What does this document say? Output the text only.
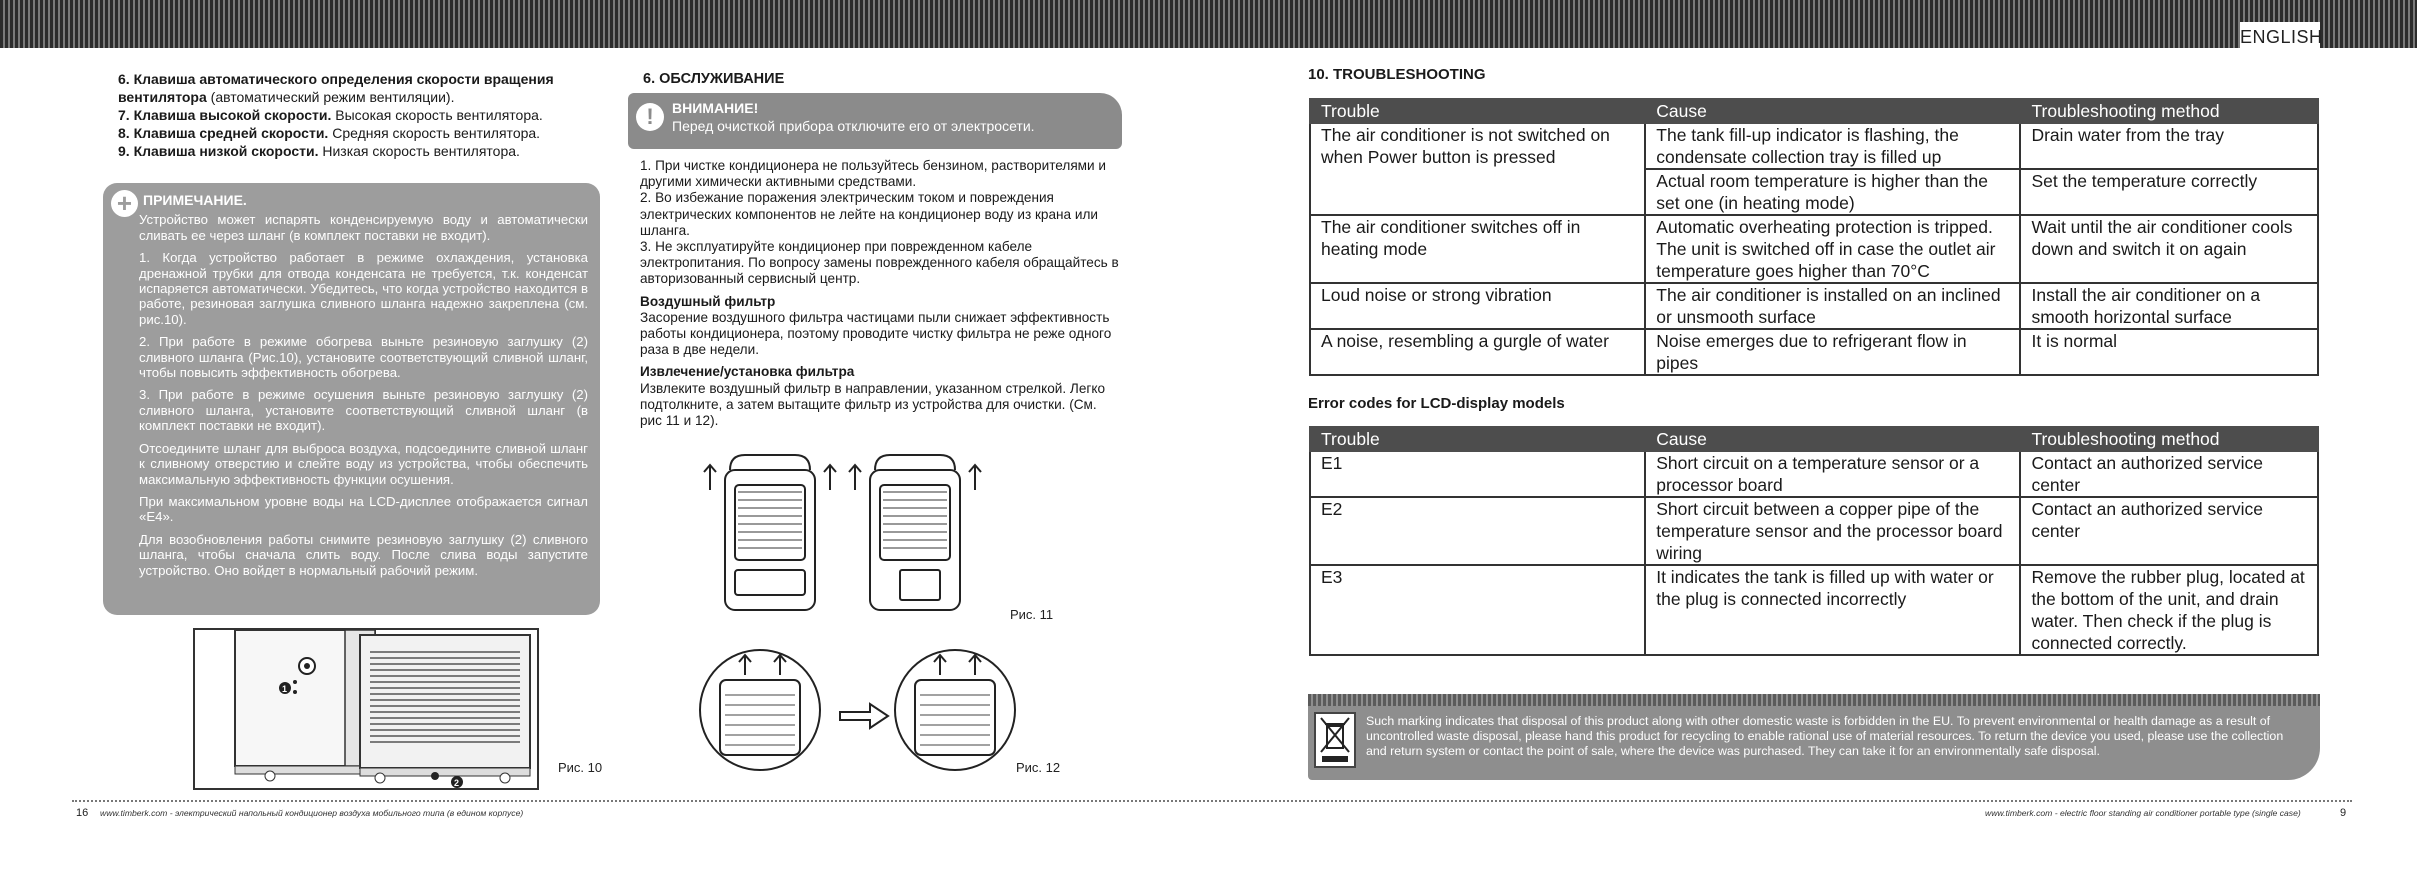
ENGLISH

6. Клавиша автоматического определения скорости вращения вентилятора (автоматический режим вентиляции).

7. Клавиша высокой скорости. Высокая скорость вентилятора.

8. Клавиша средней скорости. Средняя скорость вентилятора.

9. Клавиша низкой скорости. Низкая скорость вентилятора.

+ ПРИМЕЧАНИЕ.

Устройство может испарять конденсируемую воду и автоматически сливать ее через шланг (в комплект поставки не входит).

1. Когда устройство работает в режиме охлаждения, установка дренажной трубки для отвода конденсата не требуется, т.к. конденсат испаряется автоматически. Убедитесь, что когда устройство находится в работе, резиновая заглушка сливного шланга надежно закреплена (см. рис.10).

2. При работе в режиме обогрева выньте резиновую заглушку (2) сливного шланга (Рис.10), установите соответствующий сливной шланг, чтобы повысить эффективность обогрева.

3. При работе в режиме осушения выньте резиновую заглушку (2) сливного шланга, установите соответствующий сливной шланг (в комплект поставки не входит).

Отсоедините шланг для выброса воздуха, подсоедините сливной шланг к сливному отверстию и слейте воду из устройства, чтобы обеспечить максимальную эффективность функции осушения.

При максимальном уровне воды на LCD-дисплее отображается сигнал «E4».

Для возобновления работы снимите резиновую заглушку (2) сливного шланга, чтобы сначала слить воду. После слива воды запустите устройство. Оно войдет в нормальный рабочий режим.

1
2
Рис. 10
6. ОБСЛУЖИВАНИЕ
!	ВНИМАНИЕ!
Перед очисткой прибора отключите его от электросети.

1. При чистке кондиционера не пользуйтесь бензином, растворителями и другими химически активными средствами.

2. Во избежание поражения электрическим током и повреждения электрических компонентов не лейте на кондиционер воду из крана или шланга.

3. Не эксплуатируйте кондиционер при поврежденном кабеле электропитания. По вопросу замены поврежденного кабеля обращайтесь в авторизованный сервисный центр.

Воздушный фильтр

Засорение воздушного фильтра частицами пыли снижает эффективность работы кондиционера, поэтому проводите чистку фильтра не реже одного раза в две недели.

Извлечение/установка фильтра

Извлеките воздушный фильтр в направлении, указанном стрелкой. Легко подтолкните, а затем вытащите фильтр из устройства для очистки. (См. рис 11 и 12).

Рис. 11
Рис. 12
16 www.timberk.com - электрический напольный кондиционер воздуха мобильного типа (в едином корпусе)	www.timberk.com - electric floor standing air conditioner portable type (single case)	9
10. TROUBLESHOOTING
Trouble	Cause	Troubleshooting method
The air conditioner is not switched on when Power button is pressed	The tank fill-up indicator is flashing, the condensate collection tray is filled up	Drain water from the tray
	Actual room temperature is higher than the set one (in heating mode)	Set the temperature correctly
The air conditioner switches off in heating mode	Automatic overheating protection is tripped. The unit is switched off in case the outlet air temperature goes higher than 70°C	Wait until the air conditioner cools down and switch it on again
Loud noise or strong vibration	The air conditioner is installed on an inclined or unsmooth surface	Install the air conditioner on a smooth horizontal surface
A noise, resembling a gurgle of water	Noise emerges due to refrigerant flow in pipes	It is normal
Error codes for LCD-display models
Trouble	Cause	Troubleshooting method
E1	Short circuit on a temperature sensor or a processor board	Contact an authorized service center
E2	Short circuit between a copper pipe of the temperature sensor and the processor board wiring	Contact an authorized service center
E3	It indicates the tank is filled up with water or the plug is connected incorrectly	Remove the rubber plug, located at the bottom of the unit, and drain water. Then check if the plug is connected correctly.
Such marking indicates that disposal of this product along with other domestic waste is forbidden in the EU. To prevent environmental or health damage as a result of uncontrolled waste disposal, please hand this product for recycling to enable rational use of material resources. To return the device you used, please use the collection and return system or contact the point of sale, where the device was purchased. They can take it for an environmentally safe disposal.
